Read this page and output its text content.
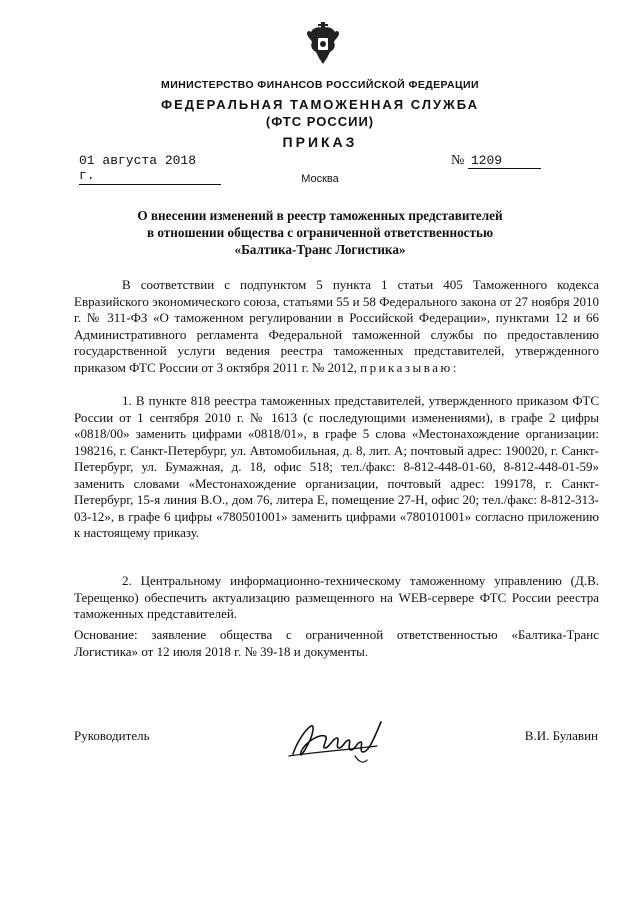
МИНИСТЕРСТВО ФИНАНСОВ РОССИЙСКОЙ ФЕДЕРАЦИИ
ФЕДЕРАЛЬНАЯ ТАМОЖЕННАЯ СЛУЖБА
(ФТС РОССИИ)
ПРИКАЗ
01 августа 2018 г.
№ 1209
Москва
О внесении изменений в реестр таможенных представителей
в отношении общества с ограниченной ответственностью
«Балтика-Транс Логистика»

В соответствии с подпунктом 5 пункта 1 статьи 405 Таможенного кодекса Евразийского экономического союза, статьями 55 и 58 Федерального закона от 27 ноября 2010 г. № 311-ФЗ «О таможенном регулировании в Российской Федерации», пунктами 12 и 66 Административного регламента Федеральной таможенной службы по предоставлению государственной услуги ведения реестра таможенных представителей, утвержденного приказом ФТС России от 3 октября 2011 г. № 2012, приказываю:

1. В пункте 818 реестра таможенных представителей, утвержденного приказом ФТС России от 1 сентября 2010 г. № 1613 (с последующими изменениями), в графе 2 цифры «0818/00» заменить цифрами «0818/01», в графе 5 слова «Местонахождение организации: 198216, г. Санкт-Петербург, ул. Автомобильная, д. 8, лит. А; почтовый адрес: 190020, г. Санкт-Петербург, ул. Бумажная, д. 18, офис 518; тел./факс: 8-812-448-01-60, 8-812-448-01-59» заменить словами «Местонахождение организации, почтовый адрес: 199178, г. Санкт-Петербург, 15-я линия В.О., дом 76, литера Е, помещение 27-Н, офис 20; тел./факс: 8-812-313-03-12», в графе 6 цифры «780501001» заменить цифрами «780101001» согласно приложению к настоящему приказу.

2. Центральному информационно-техническому таможенному управлению (Д.В. Терещенко) обеспечить актуализацию размещенного на WEB-сервере ФТС России реестра таможенных представителей.

Основание: заявление общества с ограниченной ответственностью «Балтика-Транс Логистика» от 12 июля 2018 г. № 39-18 и документы.

Руководитель	В.И. Булавин
